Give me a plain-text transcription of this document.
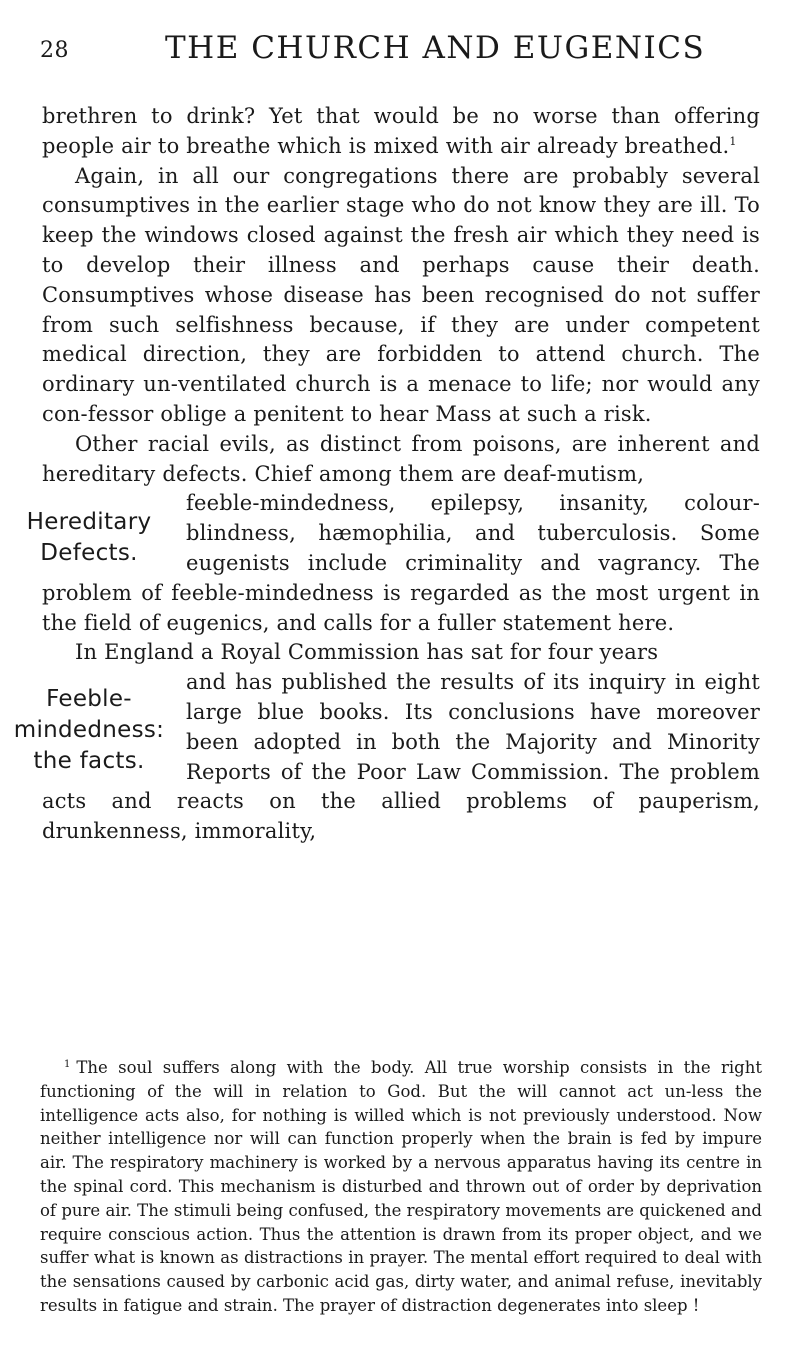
28	THE CHURCH AND EUGENICS

brethren to drink? Yet that would be no worse than offering people air to breathe which is mixed with air already breathed.$^1$

Again, in all our congregations there are probably several consumptives in the earlier stage who do not know they are ill. To keep the windows closed against the fresh air which they need is to develop their illness and perhaps cause their death. Consumptives whose disease has been recognised do not suffer from such selfishness because, if they are under competent medical direction, they are forbidden to attend church. The ordinary un-ventilated church is a menace to life; nor would any con-fessor oblige a penitent to hear Mass at such a risk.

Other racial evils, as distinct from poisons, are inherent and hereditary defects. Chief among them are deaf-mutism,

Hereditary
Defects.

feeble-mindedness, epilepsy, insanity, colour-blindness, hæmophilia, and tuberculosis. Some eugenists include criminality and vagrancy. The problem of feeble-mindedness is regarded as the most urgent in the field of eugenics, and calls for a fuller statement here.

In England a Royal Commission has sat for four years

Feeble-
mindedness:
the facts.

and has published the results of its inquiry in eight large blue books. Its conclusions have moreover been adopted in both the Majority and Minority Reports of the Poor Law Commission. The problem acts and reacts on the allied problems of pauperism, drunkenness, immorality,

$^1$ The soul suffers along with the body. All true worship consists in the right functioning of the will in relation to God. But the will cannot act un-less the intelligence acts also, for nothing is willed which is not previously understood. Now neither intelligence nor will can function properly when the brain is fed by impure air. The respiratory machinery is worked by a nervous apparatus having its centre in the spinal cord. This mechanism is disturbed and thrown out of order by deprivation of pure air. The stimuli being confused, the respiratory movements are quickened and require conscious action. Thus the attention is drawn from its proper object, and we suffer what is known as distractions in prayer. The mental effort required to deal with the sensations caused by carbonic acid gas, dirty water, and animal refuse, inevitably results in fatigue and strain. The prayer of distraction degenerates into sleep !
